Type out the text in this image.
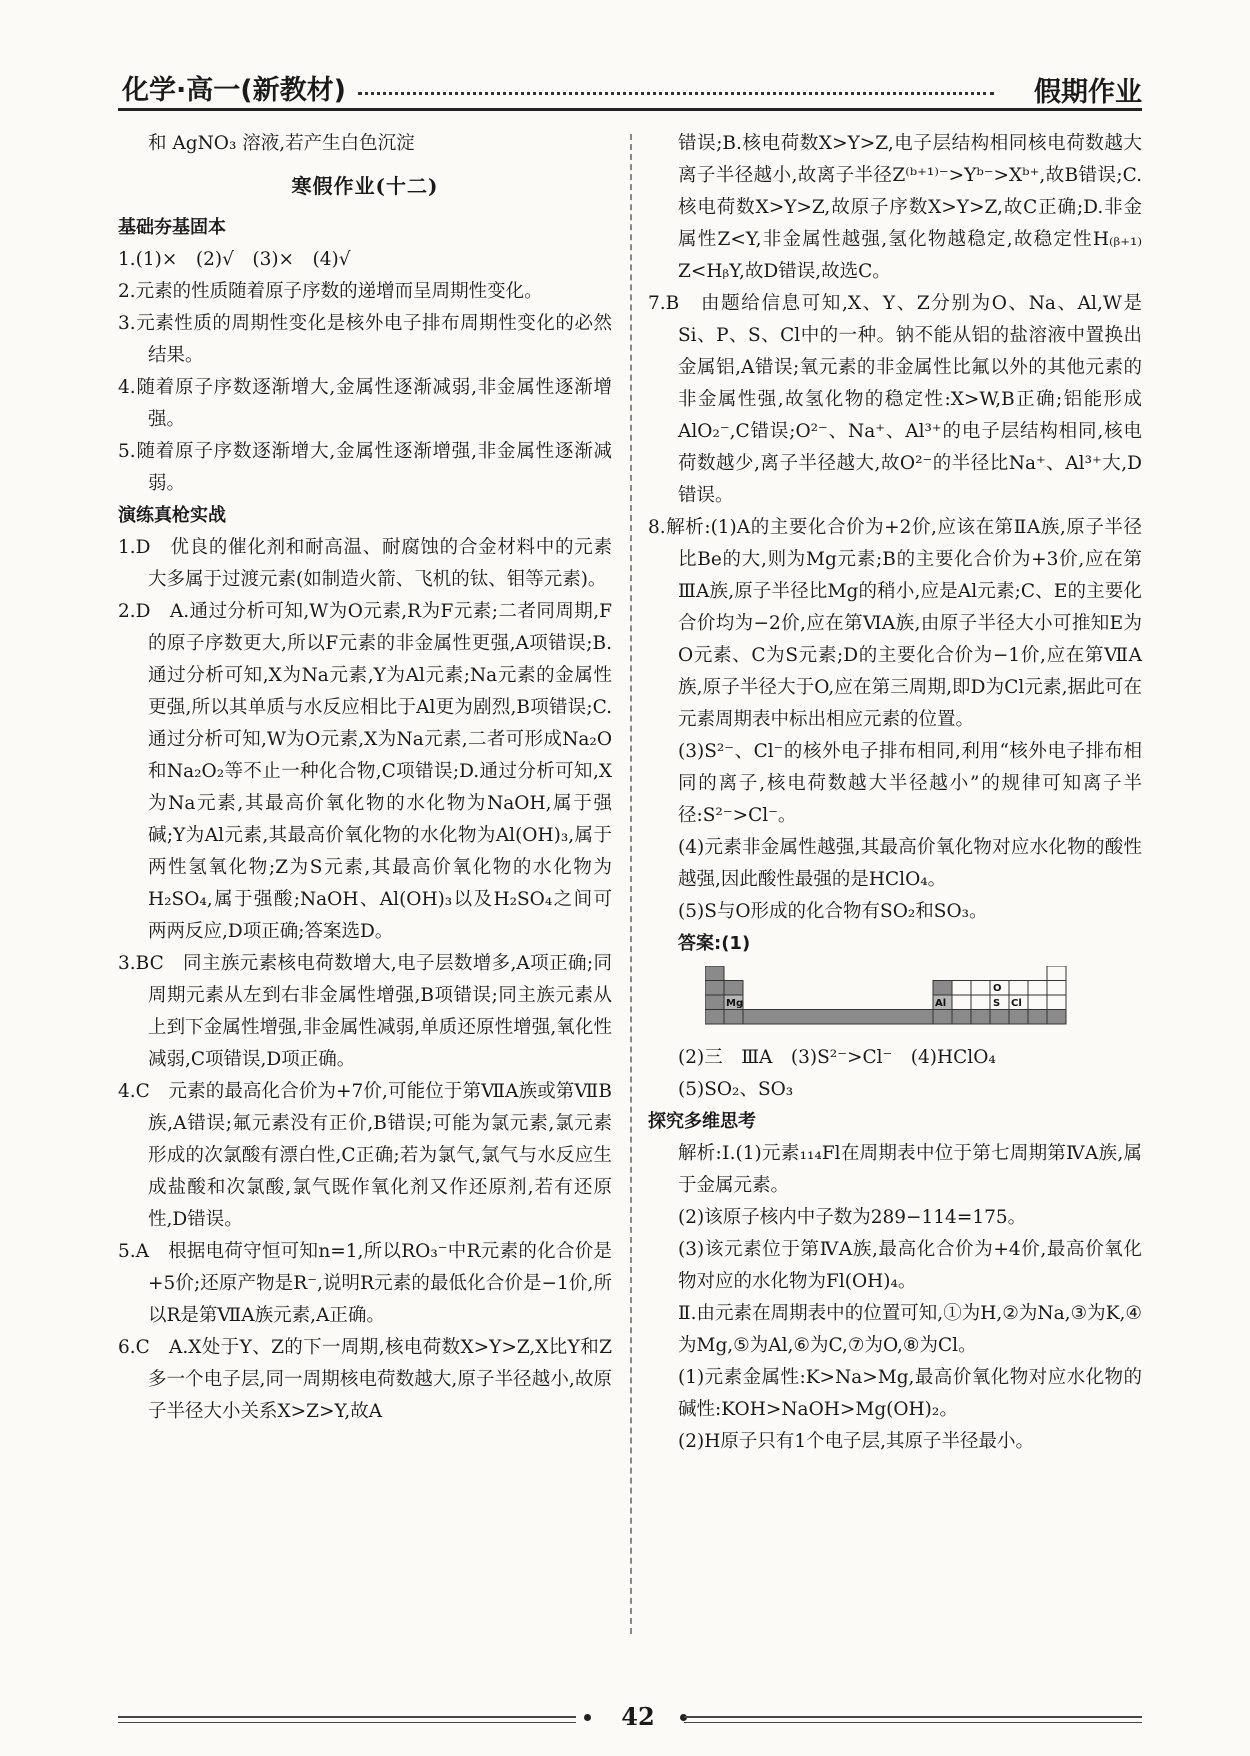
化学·高一(新教材)	假期作业
和 AgNO₃ 溶液,若产生白色沉淀
寒假作业(十二)
基础夯基固本
1.(1)×　(2)√　(3)×　(4)√
2.元素的性质随着原子序数的递增而呈周期性变化。
3.元素性质的周期性变化是核外电子排布周期性变化的必然结果。
4.随着原子序数逐渐增大,金属性逐渐减弱,非金属性逐渐增强。
5.随着原子序数逐渐增大,金属性逐渐增强,非金属性逐渐减弱。
演练真枪实战
1.D　优良的催化剂和耐高温、耐腐蚀的合金材料中的元素大多属于过渡元素(如制造火箭、飞机的钛、钼等元素)。
2.D　A.通过分析可知,W为O元素,R为F元素;二者同周期,F的原子序数更大,所以F元素的非金属性更强,A项错误;B.通过分析可知,X为Na元素,Y为Al元素;Na元素的金属性更强,所以其单质与水反应相比于Al更为剧烈,B项错误;C.通过分析可知,W为O元素,X为Na元素,二者可形成Na₂O和Na₂O₂等不止一种化合物,C项错误;D.通过分析可知,X为Na元素,其最高价氧化物的水化物为NaOH,属于强碱;Y为Al元素,其最高价氧化物的水化物为Al(OH)₃,属于两性氢氧化物;Z为S元素,其最高价氧化物的水化物为H₂SO₄,属于强酸;NaOH、Al(OH)₃以及H₂SO₄之间可两两反应,D项正确;答案选D。
3.BC　同主族元素核电荷数增大,电子层数增多,A项正确;同周期元素从左到右非金属性增强,B项错误;同主族元素从上到下金属性增强,非金属性减弱,单质还原性增强,氧化性减弱,C项错误,D项正确。
4.C　元素的最高化合价为+7价,可能位于第ⅦA族或第ⅦB族,A错误;氟元素没有正价,B错误;可能为氯元素,氯元素形成的次氯酸有漂白性,C正确;若为氯气,氯气与水反应生成盐酸和次氯酸,氯气既作氧化剂又作还原剂,若有还原性,D错误。
5.A　根据电荷守恒可知n=1,所以RO₃⁻中R元素的化合价是+5价;还原产物是R⁻,说明R元素的最低化合价是−1价,所以R是第ⅦA族元素,A正确。
6.C　A.X处于Y、Z的下一周期,核电荷数X>Y>Z,X比Y和Z多一个电子层,同一周期核电荷数越大,原子半径越小,故原子半径大小关系X>Z>Y,故A
错误;B.核电荷数X>Y>Z,电子层结构相同核电荷数越大离子半径越小,故离子半径Z⁽ᵇ⁺¹⁾⁻>Yᵇ⁻>Xᵇ⁺,故B错误;C.核电荷数X>Y>Z,故原子序数X>Y>Z,故C正确;D.非金属性Z<Y,非金属性越强,氢化物越稳定,故稳定性H₍ᵦ₊₁₎Z<HᵦY,故D错误,故选C。
7.B　由题给信息可知,X、Y、Z分别为O、Na、Al,W是Si、P、S、Cl中的一种。钠不能从铝的盐溶液中置换出金属铝,A错误;氧元素的非金属性比氟以外的其他元素的非金属性强,故氢化物的稳定性:X>W,B正确;铝能形成AlO₂⁻,C错误;O²⁻、Na⁺、Al³⁺的电子层结构相同,核电荷数越少,离子半径越大,故O²⁻的半径比Na⁺、Al³⁺大,D错误。
8.解析:(1)A的主要化合价为+2价,应该在第ⅡA族,原子半径比Be的大,则为Mg元素;B的主要化合价为+3价,应在第ⅢA族,原子半径比Mg的稍小,应是Al元素;C、E的主要化合价均为−2价,应在第ⅥA族,由原子半径大小可推知E为O元素、C为S元素;D的主要化合价为−1价,应在第ⅦA族,原子半径大于O,应在第三周期,即D为Cl元素,据此可在元素周期表中标出相应元素的位置。
(3)S²⁻、Cl⁻的核外电子排布相同,利用“核外电子排布相同的离子,核电荷数越大半径越小”的规律可知离子半径:S²⁻>Cl⁻。
(4)元素非金属性越强,其最高价氧化物对应水化物的酸性越强,因此酸性最强的是HClO₄。
(5)S与O形成的化合物有SO₂和SO₃。
答案:(1)
Mg	Al
O
S Cl
(2)三　ⅢA　(3)S²⁻>Cl⁻　(4)HClO₄
(5)SO₂、SO₃
探究多维思考
解析:Ⅰ.(1)元素₁₁₄Fl在周期表中位于第七周期第ⅣA族,属于金属元素。
(2)该原子核内中子数为289−114=175。
(3)该元素位于第ⅣA族,最高化合价为+4价,最高价氧化物对应的水化物为Fl(OH)₄。
Ⅱ.由元素在周期表中的位置可知,①为H,②为Na,③为K,④为Mg,⑤为Al,⑥为C,⑦为O,⑧为Cl。
(1)元素金属性:K>Na>Mg,最高价氧化物对应水化物的碱性:KOH>NaOH>Mg(OH)₂。
(2)H原子只有1个电子层,其原子半径最小。
42
